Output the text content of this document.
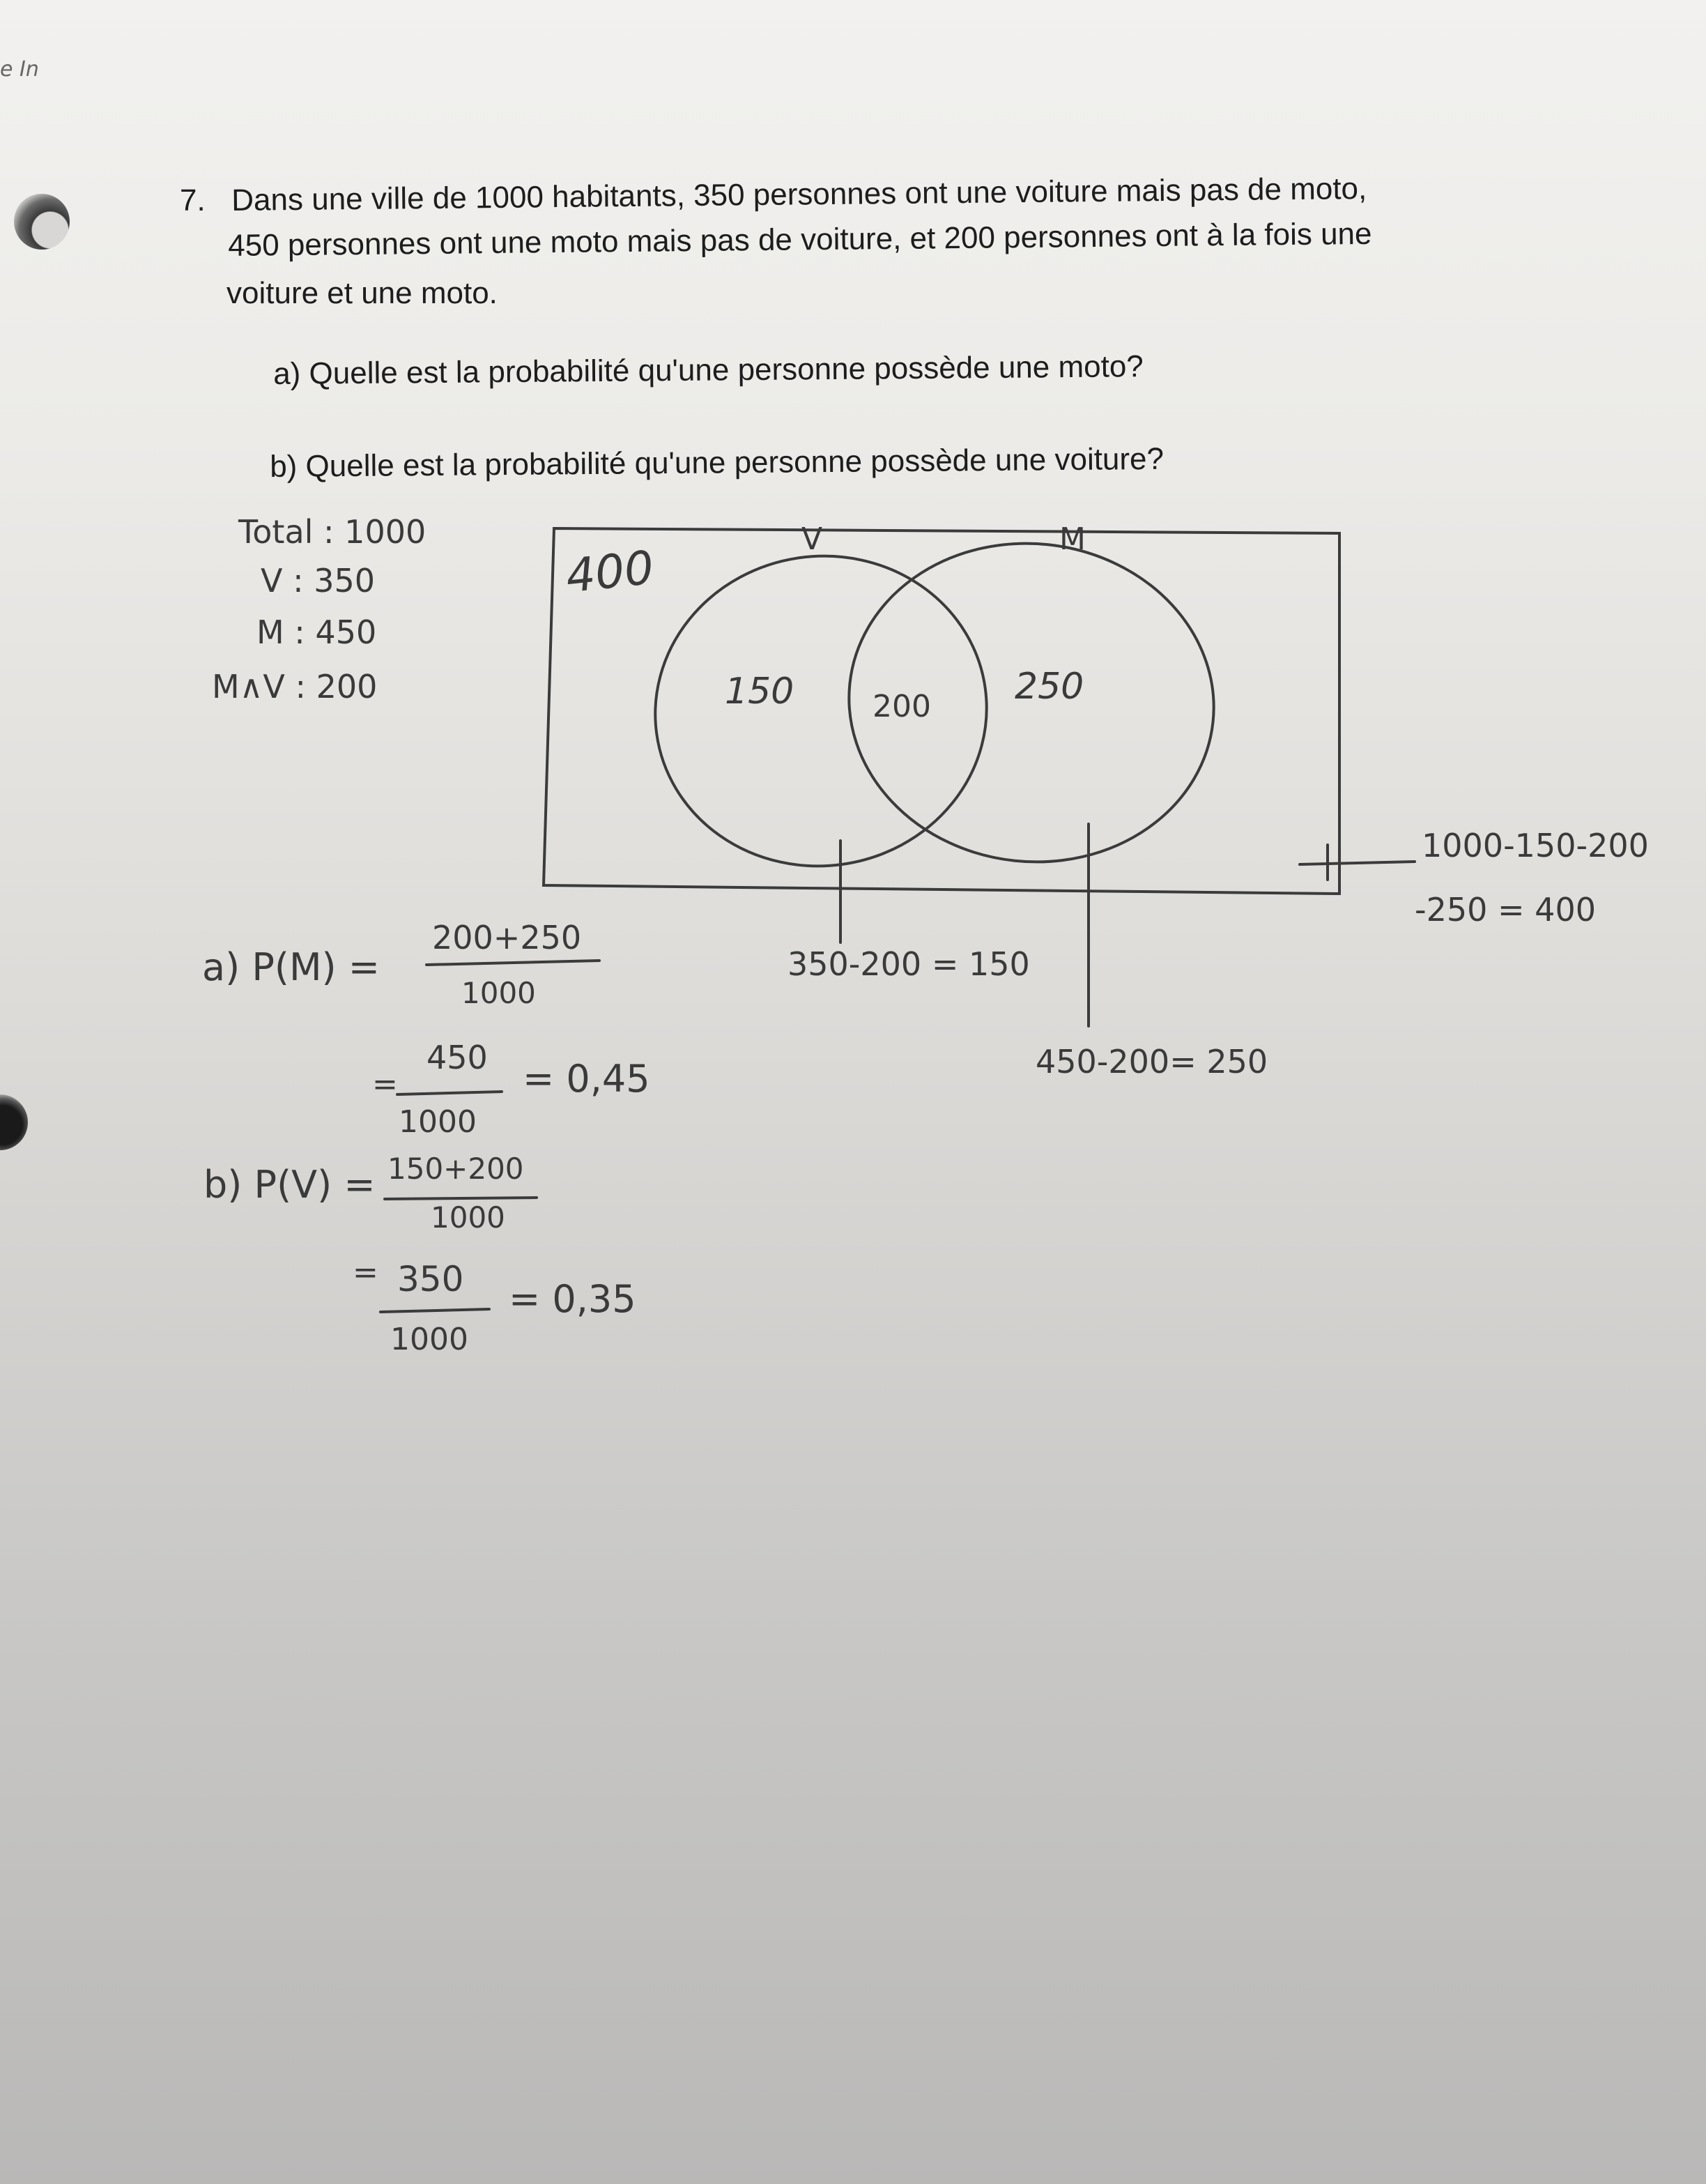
e In
7. Dans une ville de 1000 habitants, 350 personnes ont une voiture mais pas de moto,
450 personnes ont une moto mais pas de voiture, et 200 personnes ont à la fois une
voiture et une moto.
a) Quelle est la probabilité qu'une personne possède une moto?
b) Quelle est la probabilité qu'une personne possède une voiture?
Total : 1000
V : 350
M : 450
M∧V : 200
400
V	M
150	200 250
1000-150-200
-250 = 400
350-200 = 150
450-200= 250
a) P(M) =
200+250
1000
=
450
1000
= 0,45
b) P(V) = 150+200
1000
= 350
1000
= 0,35
